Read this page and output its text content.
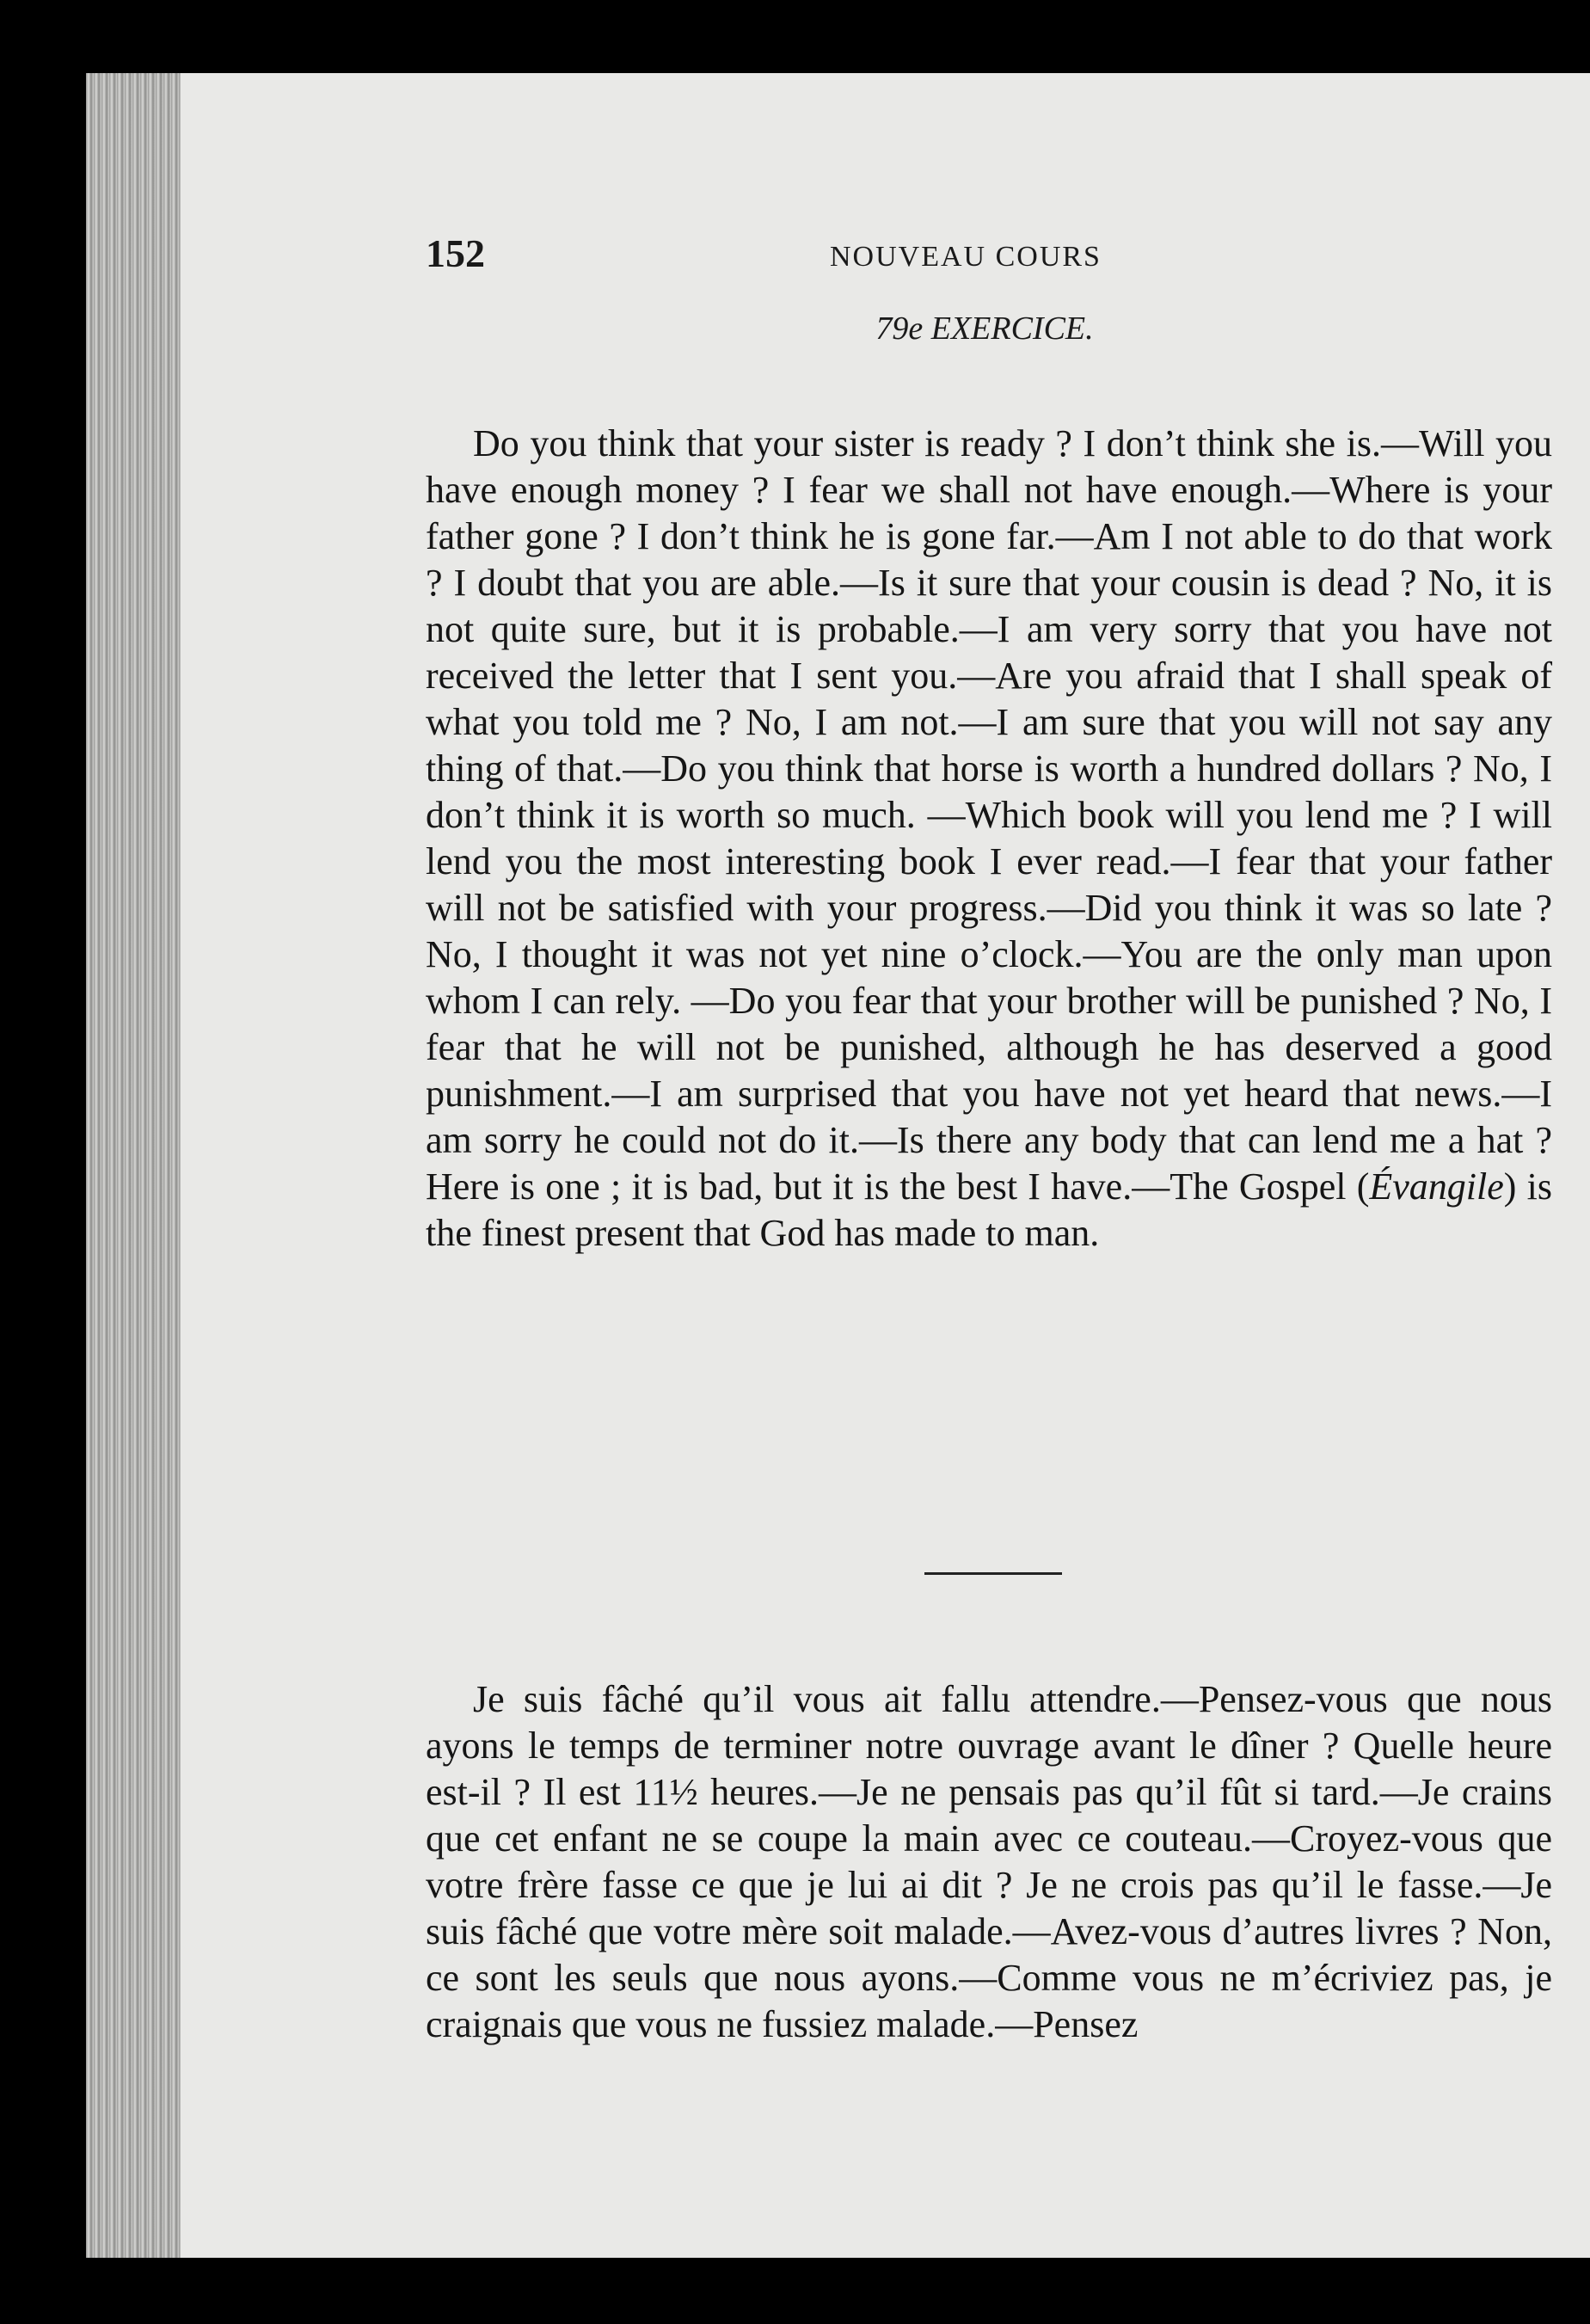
152	NOUVEAU COURS
79e EXERCICE.

Do you think that your sister is ready ? I don’t think she is.—Will you have enough money ? I fear we shall not have enough.—Where is your father gone ? I don’t think he is gone far.—Am I not able to do that work ? I doubt that you are able.—Is it sure that your cousin is dead ? No, it is not quite sure, but it is probable.—I am very sorry that you have not received the letter that I sent you.—Are you afraid that I shall speak of what you told me ? No, I am not.—I am sure that you will not say any thing of that.—Do you think that horse is worth a hundred dollars ? No, I don’t think it is worth so much. —Which book will you lend me ? I will lend you the most interesting book I ever read.—I fear that your father will not be satisfied with your progress.—Did you think it was so late ? No, I thought it was not yet nine o’clock.—You are the only man upon whom I can rely. —Do you fear that your brother will be punished ? No, I fear that he will not be punished, although he has deserved a good punishment.—I am surprised that you have not yet heard that news.—I am sorry he could not do it.—Is there any body that can lend me a hat ? Here is one ; it is bad, but it is the best I have.—The Gospel (Évangile) is the finest present that God has made to man.

Je suis fâché qu’il vous ait fallu attendre.—Pensez-vous que nous ayons le temps de terminer notre ouvrage avant le dîner ? Quelle heure est-il ? Il est 11½ heures.—Je ne pensais pas qu’il fût si tard.—Je crains que cet enfant ne se coupe la main avec ce couteau.—Croyez-vous que votre frère fasse ce que je lui ai dit ? Je ne crois pas qu’il le fasse.—Je suis fâché que votre mère soit malade.—Avez-vous d’autres livres ? Non, ce sont les seuls que nous ayons.—Comme vous ne m’écriviez pas, je craignais que vous ne fussiez malade.—Pensez
